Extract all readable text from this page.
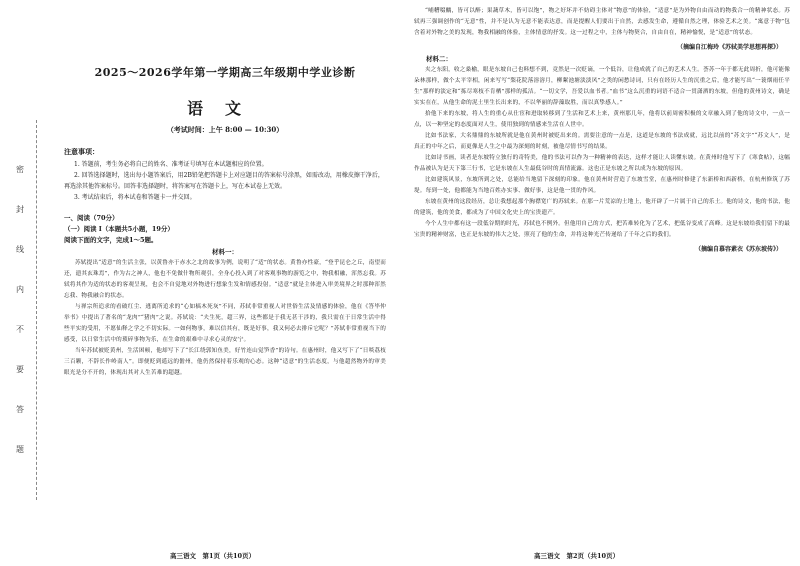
密
封
线
内
不
要
答
题
2025～2026学年第一学期高三年级期中学业诊断
语文
（考试时间：上午 8:00 — 10:30）
注意事项：

1. 答题前，考生务必将自己的姓名、准考证号填写在本试题相应的位置。

2. 回答选择题时，选出每小题答案后，用2B铅笔把答题卡上对应题目的答案标号涂黑，如需改动，用橡皮擦干净后，再选涂其他答案标号。回答非选择题时，将答案写在答题卡上，写在本试卷上无效。

3. 考试结束后，将本试卷和答题卡一并交回。

一、阅读（70分）
（一）阅读 I（本题共5小题，19分）
阅读下面的文字，完成1～5题。
材料一：

苏轼提出“适意”的生活主张，以黄鲁亦于赤水之北的故事为例，说明了“适”的状态。黄鲁亦性豪，“登乎昆仑之丘，南望而还，遗其玄珠焉”，作为古之神人，他也不免做什物所观引，全身心投入到了对客观事物的游览之中，物我相融，浑然忘我。苏轼将其作为适的状态的客观呈现，也会不自觉地对外物进行想象生发和情感投射。“适意”就是主体进入审美境界之时那种浑然忘我、物我融合的状态。

与禅宗所追求的看破红尘、逃离所追求的“心如槁木死灰”不同，苏轼非常重视人对世俗生活及情感的体验，他在《答毕仲举书》中提出了著名的“龙肉”“猪肉”之说。苏轼说：“夫生死，超三界，这些都是于我无甚干涉的，我只需在于日常生活中得些平实的受用，不愿仙释之学之不切实际。一如何物事，难以信其有，既是好事，我又何必去排斥它呢？”苏轼非常重视当下的感受，以日常生活中的琐碎事物为乐，在生命的艰难中寻求心灵的安宁。

当年苏轼被贬黄州，生活困顿，他却写下了“长江绕郭知鱼美，好竹连山觉笋香”的诗句。在惠州时，他又写下了“日啖荔枝三百颗，不辞长作岭南人”。即便贬到遥远的儋州，他仍然保持着乐观的心态。这种“适意”的生活态度，与他超然物外的审美眼光是分不开的，体现出其对人生苦难的超越。

高三语文　第1页（共10页）

“哺糟啜醨，皆可以醉；果蔬草木，皆可以饱”，物之好坏并不妨碍主体对“物意”的体验，“适意”是为外物自由而动的物我合一的精神状态。苏轼再三强调创作的“无意”性，并不是认为无意不能表达意，而是提醒人们要出于自然，去感发生命，遵循自然之理，体验艺术之美。“寓意于物”包含着对外物之美的发现，物我相融的体验，主体情意的抒发。这一过程之中，主体与物契合，自由自在，精神愉悦，是“适意”的状态。

（摘编自江梅玲《苏轼美学思想再探》）
材料二：

夹之东阳，收之桑榆，眼是东坡自己也料想不到，竟然是一次贬谪，一个低谷，让他成就了自己的艺术人生。荟苏一年于都无此周折，他可能像朵林那样，做个太平宰相，闲来写写“梨花院落溶溶月，柳絮池塘淡淡风”之类的闲愁诗词，只有在经历人生的沉重之后，他才能写出“一蓑烟雨任平生”那样的淡定和“拣尽寒枝不肯栖”那样的孤洁。“一切文学，吾爱以血书者。”血书“这么沉重的词语不适合一贯潇洒的东坡，但他的黄州诗文，确是实实在在，从他生命的泥土里生长出来的，不以华丽的辞藻取胜，而以真挚感人。”

拾他下来的东坡，将人生的重心从仕宦和进取转移到了生活和艺术上来，黄州那几年，他将以前周密积极的文章融入到了他的诗文中，一点一点，以一种坚定的态度面对人生，使用独到的情感来生活在人世中。

比如书法家，大名鼎鼎的东坡所就是他在黄州时被贬出来的。需要注意的一点是，这道是东坡的书法成就，远比以前的“苏文字”“苏文人”，是真正的中年之后，而更像是人生之中最为深刻的时刻，被他尽情书写的结果。

比如诗书画，读者是东坡特立独行的奇特美，他的书法可以作为一种精神的表达，这样才能让人读懂东坡。在黄州时他写下了《寒食帖》，这幅作品被认为是天下第三行书，它是东坡在人生最低谷时的真情流露。这也正是东坡之所以成为东坡的原因。

比如建筑风景，东坡所到之处，总能给当地留下深刻的印象。他在黄州时营造了东坡雪堂，在惠州时修建了东新桥和西新桥，在杭州修筑了苏堤。每到一处，他都能为当地百姓办实事、做好事，这是他一贯的作风。

东坡在黄州的这段经历，总让我想起那个胸襟宽广的苏轼来。在那一片荒凉的土地上，他开辟了一片属于自己的乐土。他的诗文，他的书法，他的建筑，他的美食，都成为了中国文化史上的宝贵遗产。

今个人生中都有这一段低谷期的时光，苏轼也不例外。但他用自己的方式，把苦难转化为了艺术，把低谷变成了高峰。这是东坡给我们留下的最宝贵的精神财富，也正是东坡的伟大之处，照亮了他的生命，并将这种光芒传递给了千年之后的我们。

（摘编自慕容素衣《苏东坡传》）
高三语文　第2页（共10页）
